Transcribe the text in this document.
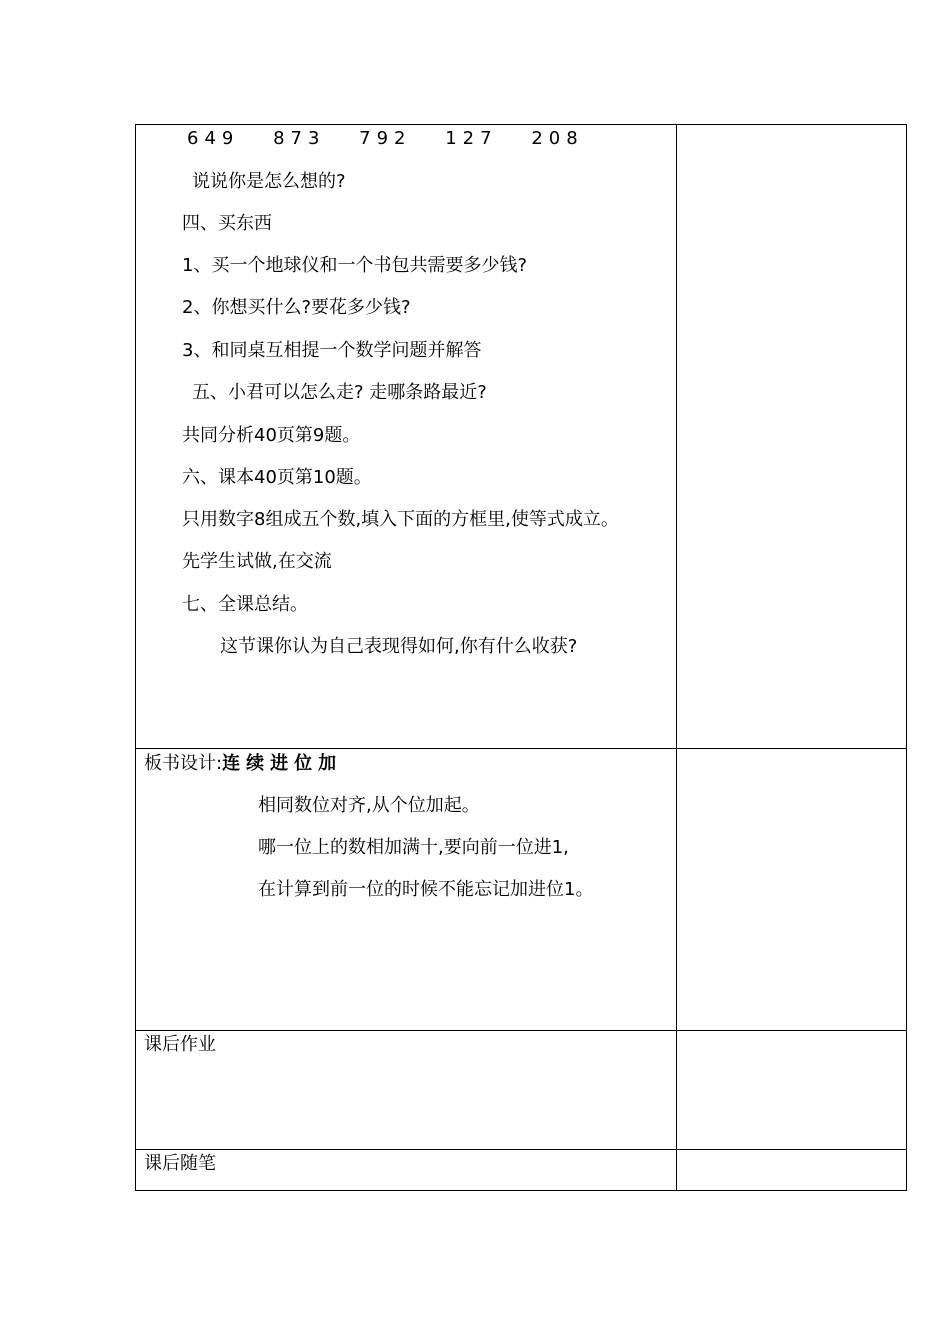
649 873 792 127 208
说说你是怎么想的?
四、买东西
1、买一个地球仪和一个书包共需要多少钱?
2、你想买什么?要花多少钱?
3、和同桌互相提一个数学问题并解答
五、小君可以怎么走? 走哪条路最近?
共同分析40页第9题。
六、课本40页第10题。
只用数字8组成五个数,填入下面的方框里,使等式成立。
先学生试做,在交流
七、全课总结。
这节课你认为自己表现得如何,你有什么收获?
板书设计:连续进位加
相同数位对齐,从个位加起。
哪一位上的数相加满十,要向前一位进1,
在计算到前一位的时候不能忘记加进位1。
课后作业
课后随笔
